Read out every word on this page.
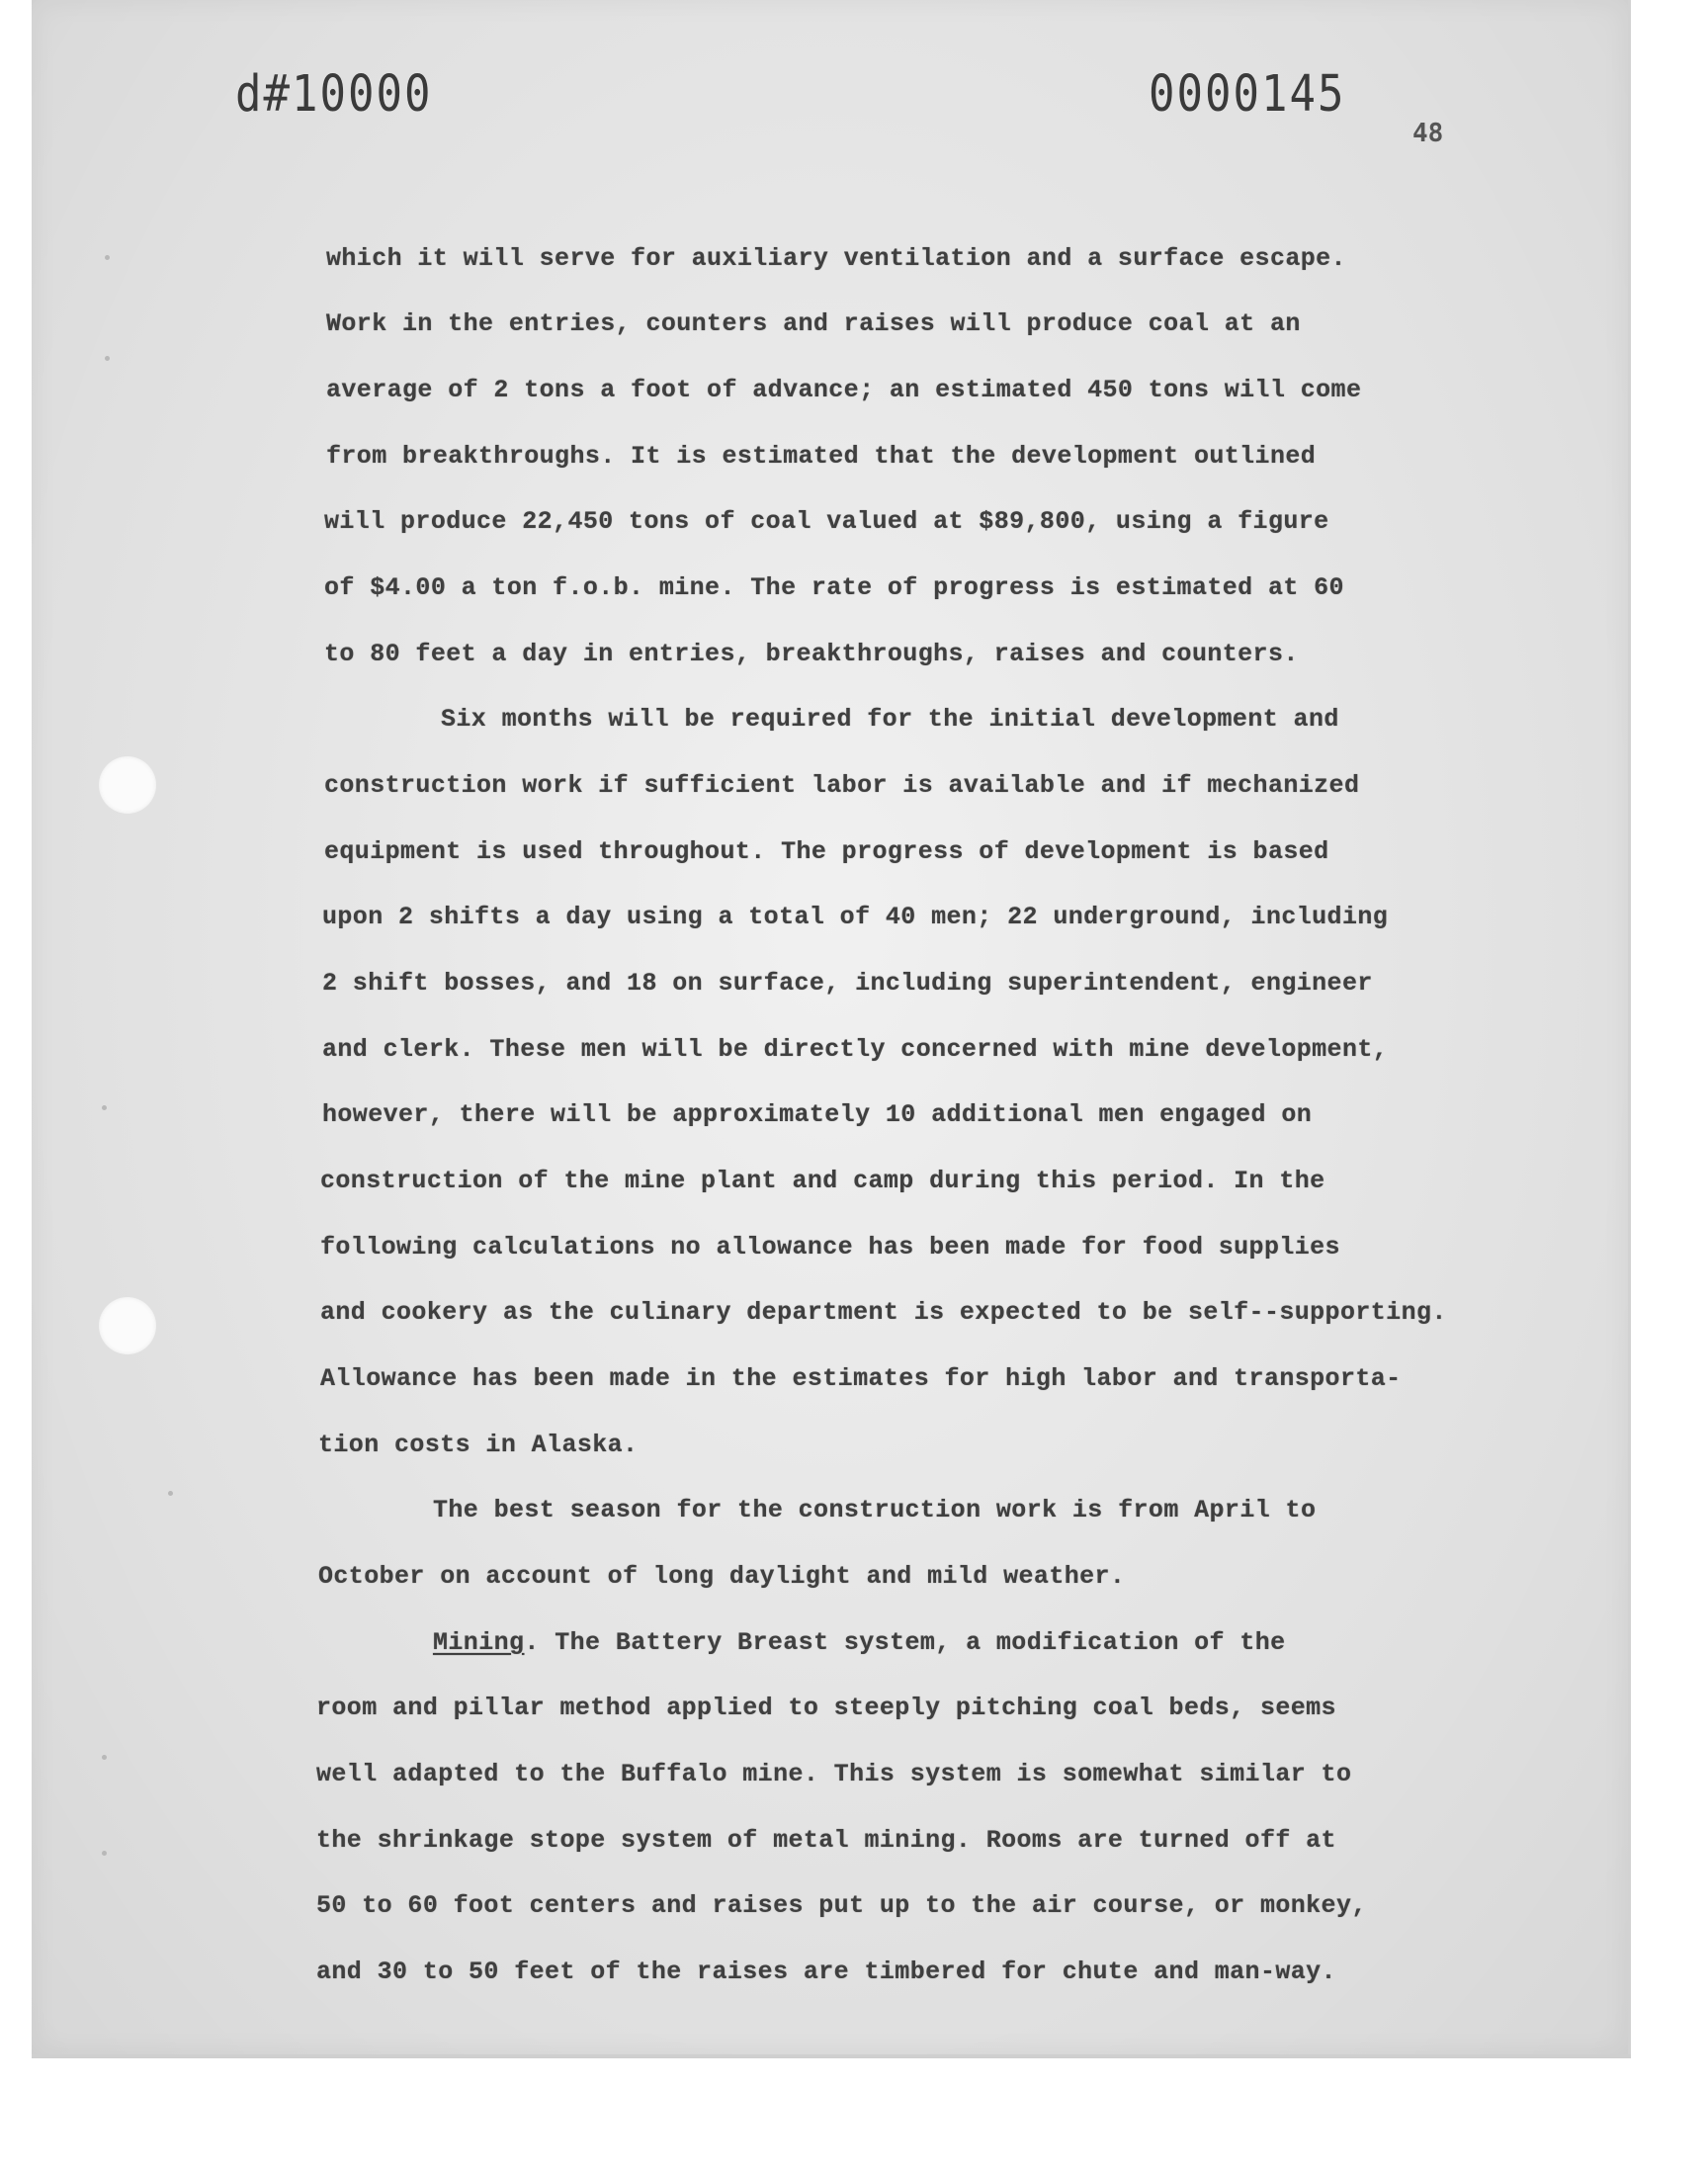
d#10000	0000145
48
which it will serve for auxiliary ventilation and a surface escape.
Work in the entries, counters and raises will produce coal at an
average of 2 tons a foot of advance; an estimated 450 tons will come
from breakthroughs. It is estimated that the development outlined
will produce 22,450 tons of coal valued at $89,800, using a figure
of $4.00 a ton f.o.b. mine. The rate of progress is estimated at 60
to 80 feet a day in entries, breakthroughs, raises and counters.
Six months will be required for the initial development and
construction work if sufficient labor is available and if mechanized
equipment is used throughout. The progress of development is based
upon 2 shifts a day using a total of 40 men; 22 underground, including
2 shift bosses, and 18 on surface, including superintendent, engineer
and clerk. These men will be directly concerned with mine development,
however, there will be approximately 10 additional men engaged on
construction of the mine plant and camp during this period. In the
following calculations no allowance has been made for food supplies
and cookery as the culinary department is expected to be self--supporting.
Allowance has been made in the estimates for high labor and transporta-
tion costs in Alaska.
The best season for the construction work is from April to
October on account of long daylight and mild weather.
Mining. The Battery Breast system, a modification of the
room and pillar method applied to steeply pitching coal beds, seems
well adapted to the Buffalo mine. This system is somewhat similar to
the shrinkage stope system of metal mining. Rooms are turned off at
50 to 60 foot centers and raises put up to the air course, or monkey,
and 30 to 50 feet of the raises are timbered for chute and man-way.
